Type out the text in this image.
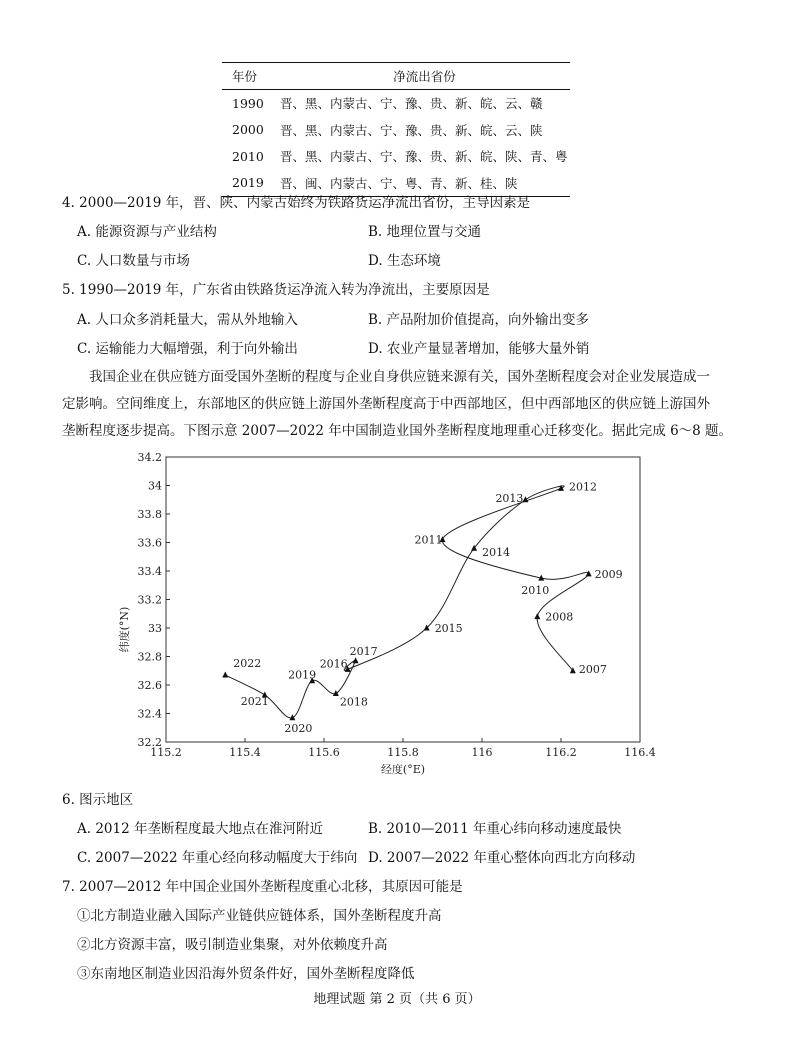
年份	净流出省份
1990	晋、黑、内蒙古、宁、豫、贵、新、皖、云、赣
2000	晋、黑、内蒙古、宁、豫、贵、新、皖、云、陕
2010	晋、黑、内蒙古、宁、豫、贵、新、皖、陕、青、粤
2019	晋、闽、内蒙古、宁、粤、青、新、桂、陕
4. 2000—2019 年，晋、陕、内蒙古始终为铁路货运净流出省份，主导因素是
A. 能源资源与产业结构	B. 地理位置与交通
C. 人口数量与市场	D. 生态环境
5. 1990—2019 年，广东省由铁路货运净流入转为净流出，主要原因是
A. 人口众多消耗量大，需从外地输入	B. 产品附加价值提高，向外输出变多
C. 运输能力大幅增强，利于向外输出	D. 农业产量显著增加，能够大量外销
我国企业在供应链方面受国外垄断的程度与企业自身供应链来源有关，国外垄断程度会对企业发展造成一
定影响。空间维度上，东部地区的供应链上游国外垄断程度高于中西部地区，但中西部地区的供应链上游国外
垄断程度逐步提高。下图示意 2007—2022 年中国制造业国外垄断程度地理重心迁移变化。据此完成 6～8 题。
115.2	115.4	115.6	115.8	116	116.2	116.4
32.2
32.4
32.6
32.8
33
33.2
33.4
33.6
33.8
34
34.2
2007
2008
2009
2010
2011
2012
2013
2014
2015
2016
2017
2018
2019
2020
2021
2022
经度(°E)
纬度(°N)
6. 图示地区
A. 2012 年垄断程度最大地点在淮河附近	B. 2010—2011 年重心纬向移动速度最快
C. 2007—2022 年重心经向移动幅度大于纬向 D. 2007—2022 年重心整体向西北方向移动
7. 2007—2012 年中国企业国外垄断程度重心北移，其原因可能是
①北方制造业融入国际产业链供应链体系，国外垄断程度升高
②北方资源丰富，吸引制造业集聚，对外依赖度升高
③东南地区制造业因沿海外贸条件好，国外垄断程度降低
地理试题 第 2 页（共 6 页）
